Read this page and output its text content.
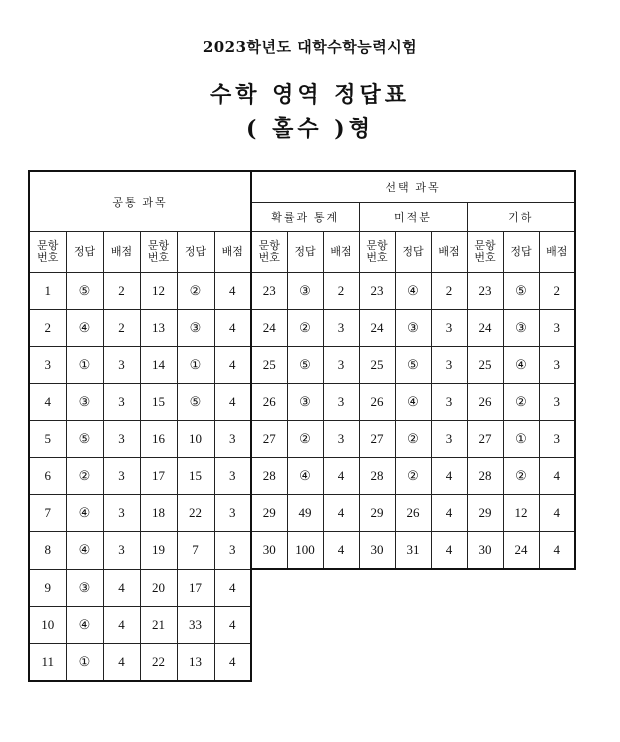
2023학년도 대학수학능력시험
수학 영역 정답표
( 홀수 )형
공통 과목						선택 과목								
						확률과 통계			미적분			기하		
문항
번호	정답	배점	문항
번호	정답	배점	문항
번호	정답	배점	문항
번호	정답	배점	문항
번호	정답	배점
1	⑤	2	12	②	4	23	③	2	23	④	2	23	⑤	2
2	④	2	13	③	4	24	②	3	24	③	3	24	③	3
3	①	3	14	①	4	25	⑤	3	25	⑤	3	25	④	3
4	③	3	15	⑤	4	26	③	3	26	④	3	26	②	3
5	⑤	3	16	10	3	27	②	3	27	②	3	27	①	3
6	②	3	17	15	3	28	④	4	28	②	4	28	②	4
7	④	3	18	22	3	29	49	4	29	26	4	29	12	4
8	④	3	19	7	3	30	100	4	30	31	4	30	24	4
9	③	4	20	17	4
10	④	4	21	33	4
11	①	4	22	13	4
